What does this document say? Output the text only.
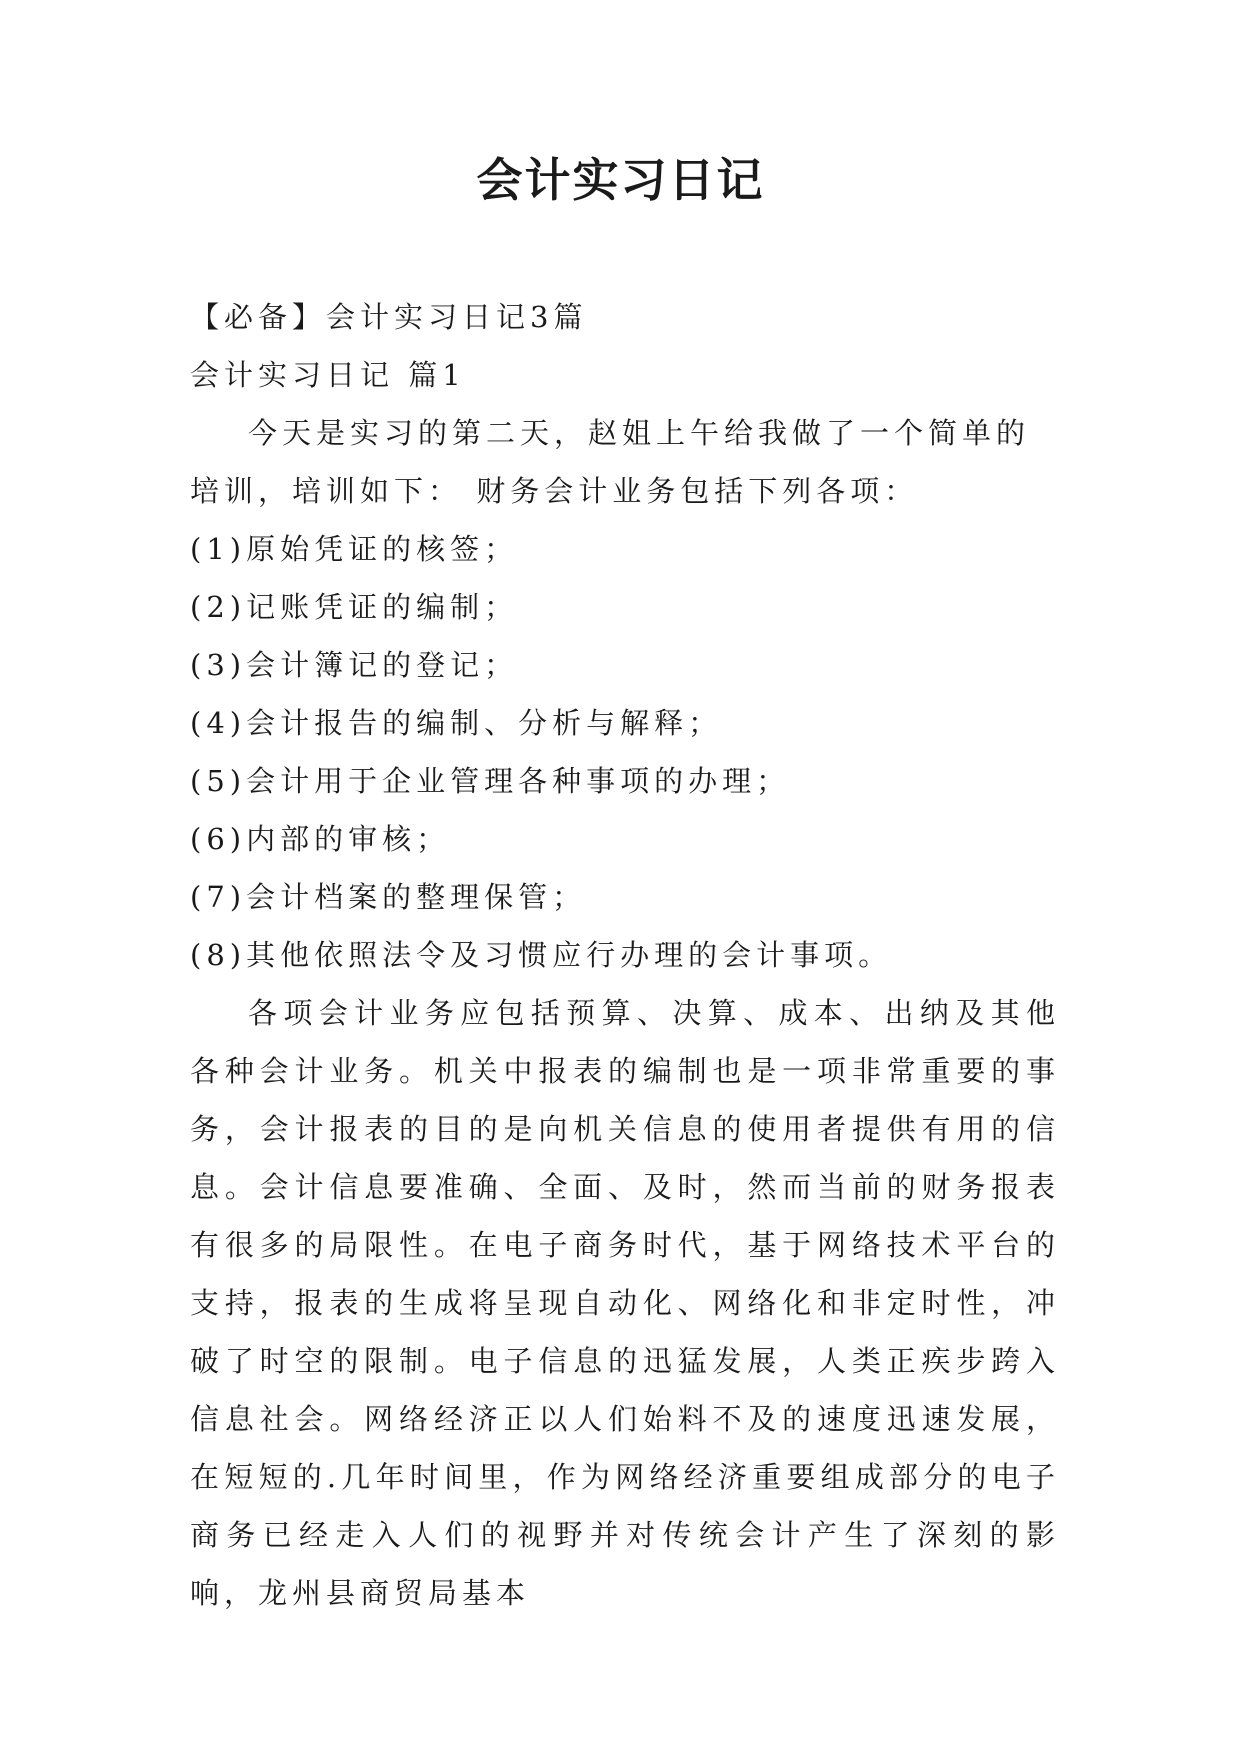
会计实习日记

【必备】会计实习日记3篇

会计实习日记 篇1

今天是实习的第二天，赵姐上午给我做了一个简单的培训，培训如下： 财务会计业务包括下列各项：

(1)原始凭证的核签；

(2)记账凭证的编制；

(3)会计簿记的登记；

(4)会计报告的编制、分析与解释；

(5)会计用于企业管理各种事项的办理；

(6)内部的审核；

(7)会计档案的整理保管；

(8)其他依照法令及习惯应行办理的会计事项。

各项会计业务应包括预算、决算、成本、出纳及其他各种会计业务。机关中报表的编制也是一项非常重要的事务，会计报表的目的是向机关信息的使用者提供有用的信息。会计信息要准确、全面、及时，然而当前的财务报表有很多的局限性。在电子商务时代，基于网络技术平台的支持，报表的生成将呈现自动化、网络化和非定时性，冲破了时空的限制。电子信息的迅猛发展，人类正疾步跨入信息社会。网络经济正以人们始料不及的速度迅速发展，在短短的.几年时间里，作为网络经济重要组成部分的电子商务已经走入人们的视野并对传统会计产生了深刻的影响，龙州县商贸局基本
